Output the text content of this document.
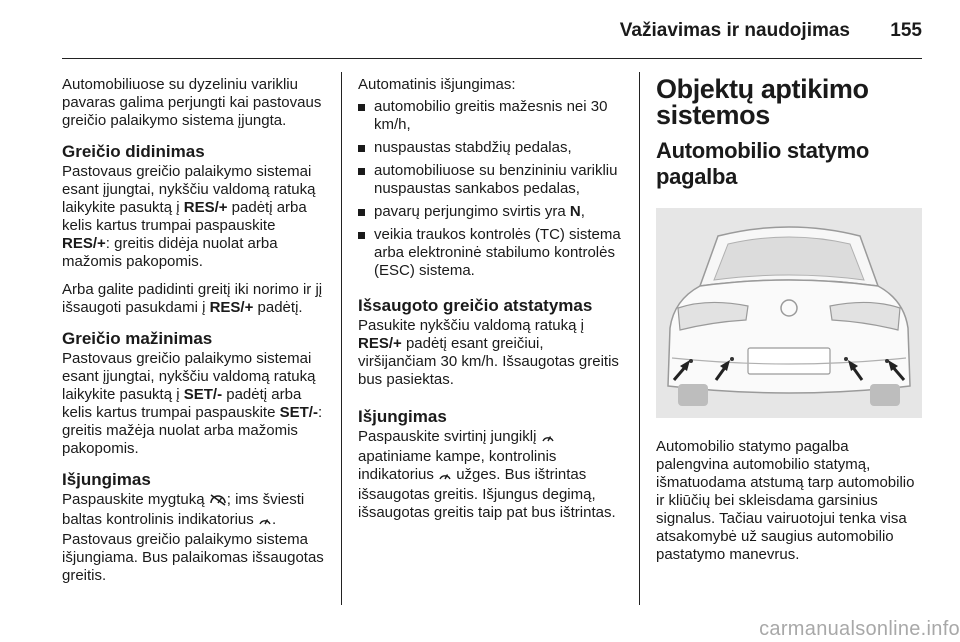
Važiavimas ir naudojimas	155

Automobiliuose su dyzeliniu varikliu pavaras galima perjungti kai pastovaus greičio palaikymo sistema įjungta.

Greičio didinimas

Pastovaus greičio palaikymo sistemai esant įjungtai, nykščiu valdomą ratuką laikykite pasuktą į RES/+ padėtį arba kelis kartus trumpai paspauskite RES/+: greitis didėja nuolat arba mažomis pakopomis.

Arba galite padidinti greitį iki norimo ir jį išsaugoti pasukdami į RES/+ padėtį.

Greičio mažinimas

Pastovaus greičio palaikymo sistemai esant įjungtai, nykščiu valdomą ratuką laikykite pasuktą į SET/- padėtį arba kelis kartus trumpai paspauskite SET/-: greitis mažėja nuolat arba mažomis pakopomis.

Išjungimas

Paspauskite mygtuką ; ims šviesti baltas kontrolinis indikatorius .

Pastovaus greičio palaikymo sistema išjungiama. Bus palaikomas išsaugotas greitis.

Automatinis išjungimas:

automobilio greitis mažesnis nei 30 km/h,
nuspaustas stabdžių pedalas,
automobiliuose su benzininiu varikliu nuspaustas sankabos pedalas,
pavarų perjungimo svirtis yra N,
veikia traukos kontrolės (TC) sistema arba elektroninė stabilumo kontrolės (ESC) sistema.
Išsaugoto greičio atstatymas

Pasukite nykščiu valdomą ratuką į RES/+ padėtį esant greičiui, viršijančiam 30 km/h. Išsaugotas greitis bus pasiektas.

Išjungimas

Paspauskite svirtinį jungiklį  apatiniame kampe, kontrolinis indikatorius  užges. Bus ištrintas išsaugotas greitis. Išjungus degimą, išsaugotas greitis taip pat bus ištrintas.

Objektų aptikimo sistemos
Automobilio statymo pagalba

Automobilio statymo pagalba palengvina automobilio statymą, išmatuodama atstumą tarp automobilio ir kliūčių bei skleisdama garsinius signalus. Tačiau vairuotojui tenka visa atsakomybė už saugius automobilio pastatymo manevrus.

carmanualsonline.info
